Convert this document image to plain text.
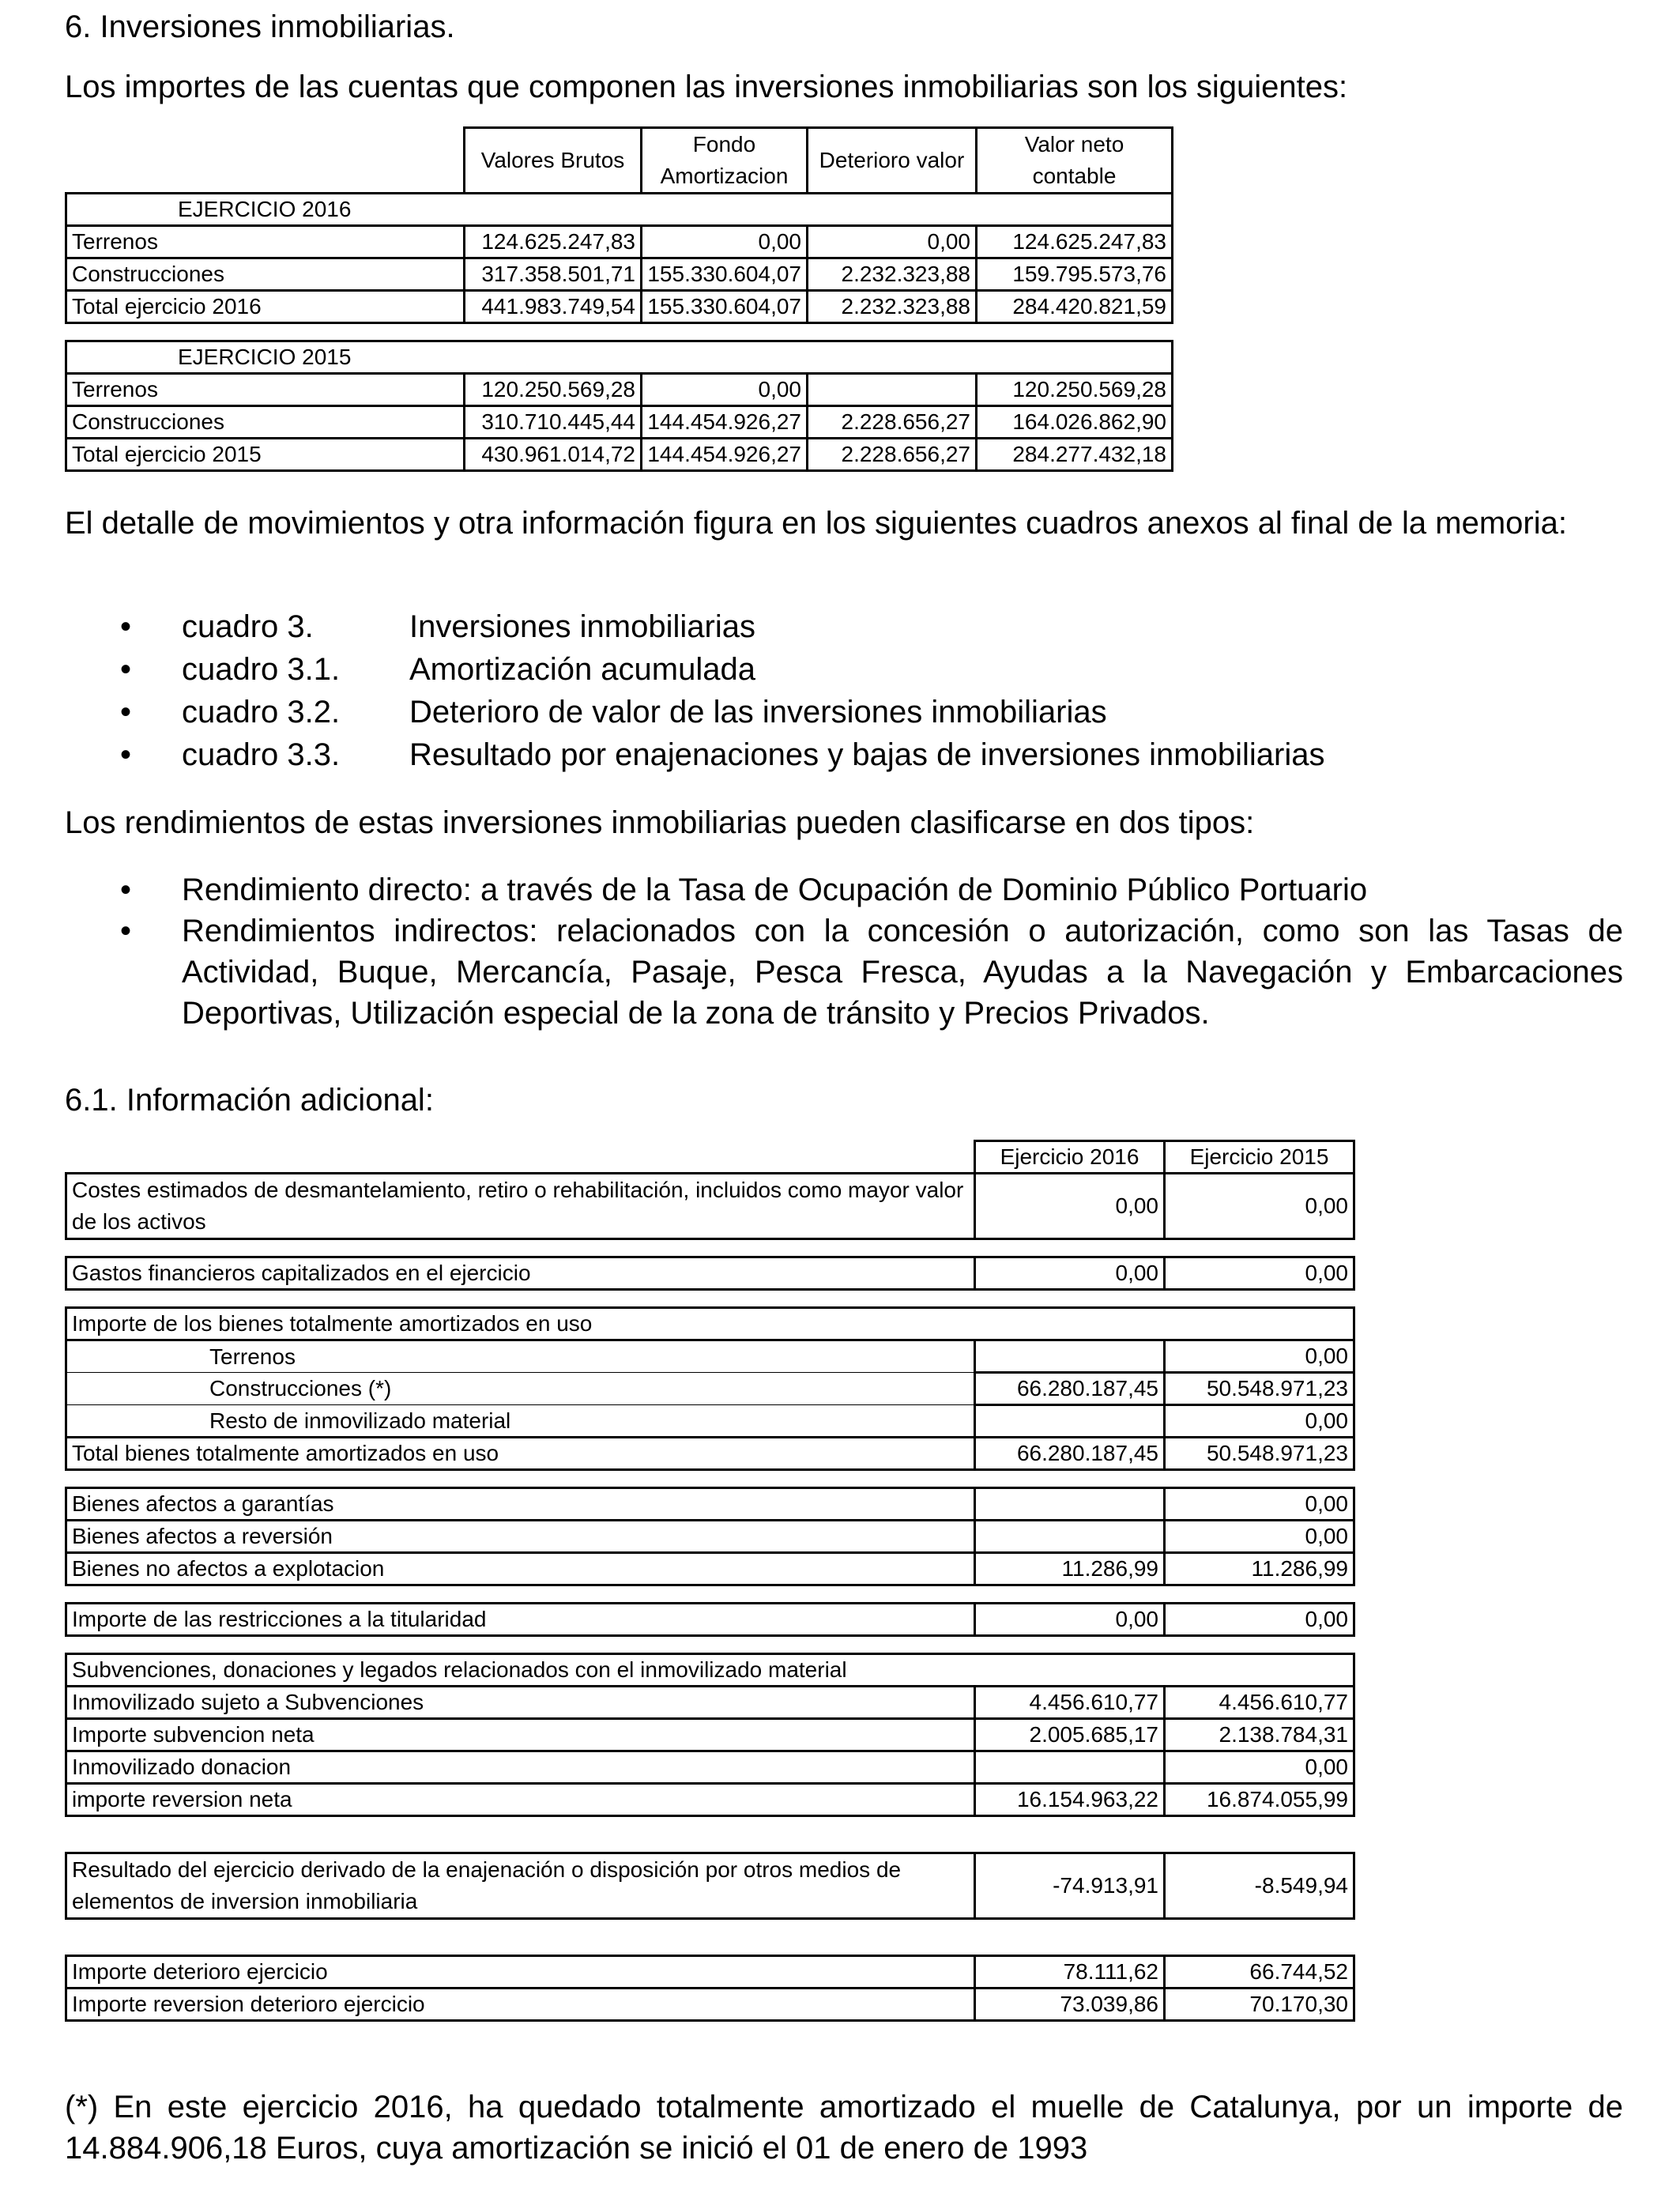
6. Inversiones inmobiliarias.
Los importes de las cuentas que componen las inversiones inmobiliarias son los siguientes:
	Valores Brutos	Fondo Amortizacion	Deterioro valor	Valor neto contable
EJERCICIO 2016				
Terrenos	124.625.247,83	0,00	0,00	124.625.247,83
Construcciones	317.358.501,71	155.330.604,07	2.232.323,88	159.795.573,76
Total ejercicio 2016	441.983.749,54	155.330.604,07	2.232.323,88	284.420.821,59

EJERCICIO 2015				
Terrenos	120.250.569,28	0,00		120.250.569,28
Construcciones	310.710.445,44	144.454.926,27	2.228.656,27	164.026.862,90
Total ejercicio 2015	430.961.014,72	144.454.926,27	2.228.656,27	284.277.432,18
El detalle de movimientos y otra información figura en los siguientes cuadros anexos al final de la memoria:
• cuadro 3.	Inversiones inmobiliarias
• cuadro 3.1. Amortización acumulada
• cuadro 3.2. Deterioro de valor de las inversiones inmobiliarias
• cuadro 3.3. Resultado por enajenaciones y bajas de inversiones inmobiliarias
Los rendimientos de estas inversiones inmobiliarias pueden clasificarse en dos tipos:
• Rendimiento directo: a través de la Tasa de Ocupación de Dominio Público Portuario
• Rendimientos indirectos: relacionados con la concesión o autorización, como son las Tasas de Actividad, Buque, Mercancía, Pasaje, Pesca Fresca, Ayudas a la Navegación y Embarcaciones Deportivas, Utilización especial de la zona de tránsito y Precios Privados.
6.1. Información adicional:
	Ejercicio 2016	Ejercicio 2015
Costes estimados de desmantelamiento, retiro o rehabilitación, incluidos como mayor valor de los activos	0,00	0,00

Gastos financieros capitalizados en el ejercicio	0,00	0,00

Importe de los bienes totalmente amortizados en uso		
Terrenos		0,00
Construcciones (*)	66.280.187,45	50.548.971,23
Resto de inmovilizado material		0,00
Total bienes totalmente amortizados en uso	66.280.187,45	50.548.971,23

Bienes afectos a garantías		0,00
Bienes afectos a reversión		0,00
Bienes no afectos a explotacion	11.286,99	11.286,99

Importe de las restricciones a la titularidad	0,00	0,00

Subvenciones, donaciones y legados relacionados con el inmovilizado material		
Inmovilizado sujeto a Subvenciones	4.456.610,77	4.456.610,77
Importe subvencion neta	2.005.685,17	2.138.784,31
Inmovilizado donacion		0,00
importe reversion neta	16.154.963,22	16.874.055,99

Resultado del ejercicio derivado de la enajenación o disposición por otros medios de elementos de inversion inmobiliaria	-74.913,91	-8.549,94

Importe deterioro ejercicio	78.111,62	66.744,52
Importe reversion deterioro ejercicio	73.039,86	70.170,30
(*) En este ejercicio 2016, ha quedado totalmente amortizado el muelle de Catalunya, por un importe de 14.884.906,18 Euros, cuya amortización se inició el 01 de enero de 1993
